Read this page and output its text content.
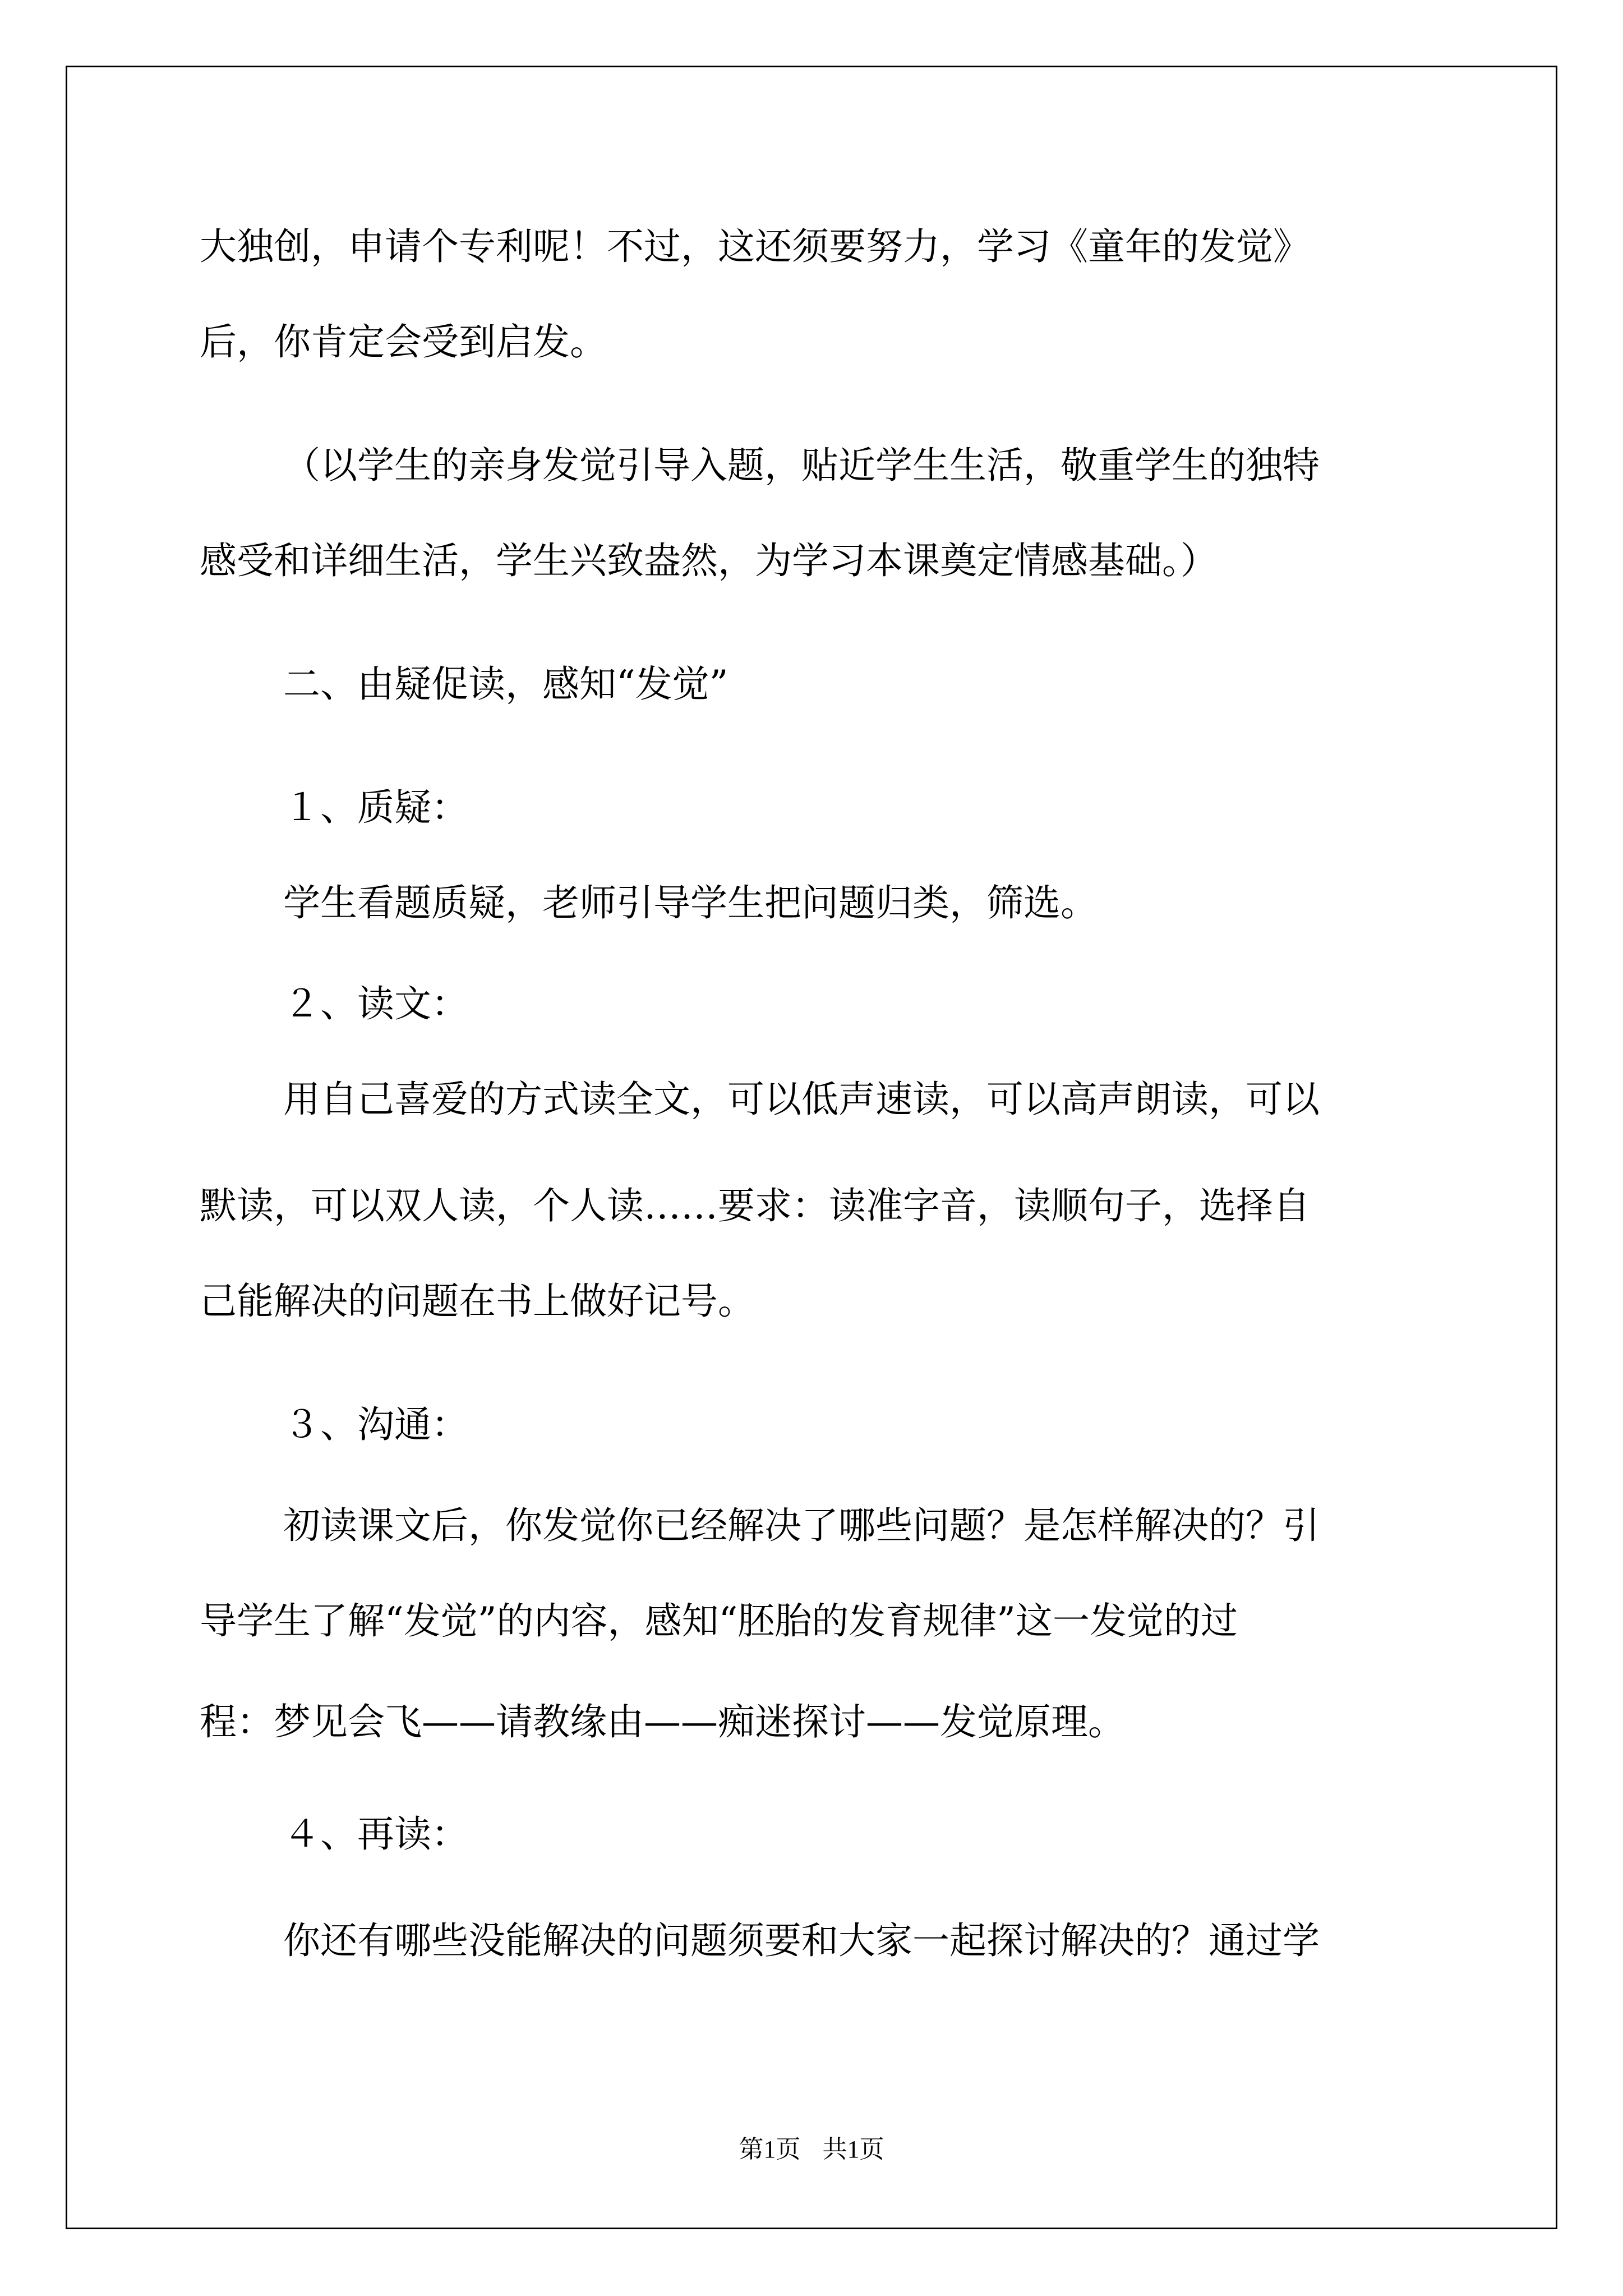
大独创，申请个专利呢！不过，这还须要努力，学习《童年的发觉》
后，你肯定会受到启发。
（以学生的亲身发觉引导入题，贴近学生生活，敬重学生的独特
感受和详细生活，学生兴致盎然，为学习本课奠定情感基础。）
二、由疑促读，感知“发觉”
１、质疑：
学生看题质疑，老师引导学生把问题归类，筛选。
２、读文：
用自己喜爱的方式读全文，可以低声速读，可以高声朗读，可以
默读，可以双人读，个人读……要求：读准字音，读顺句子，选择自
己能解决的问题在书上做好记号。
３、沟通：
初读课文后，你发觉你已经解决了哪些问题？是怎样解决的？引
导学生了解“发觉”的内容，感知“胚胎的发育规律”这一发觉的过
程：梦见会飞——请教缘由——痴迷探讨——发觉原理。
４、再读：
你还有哪些没能解决的问题须要和大家一起探讨解决的？通过学
第1页 共1页
